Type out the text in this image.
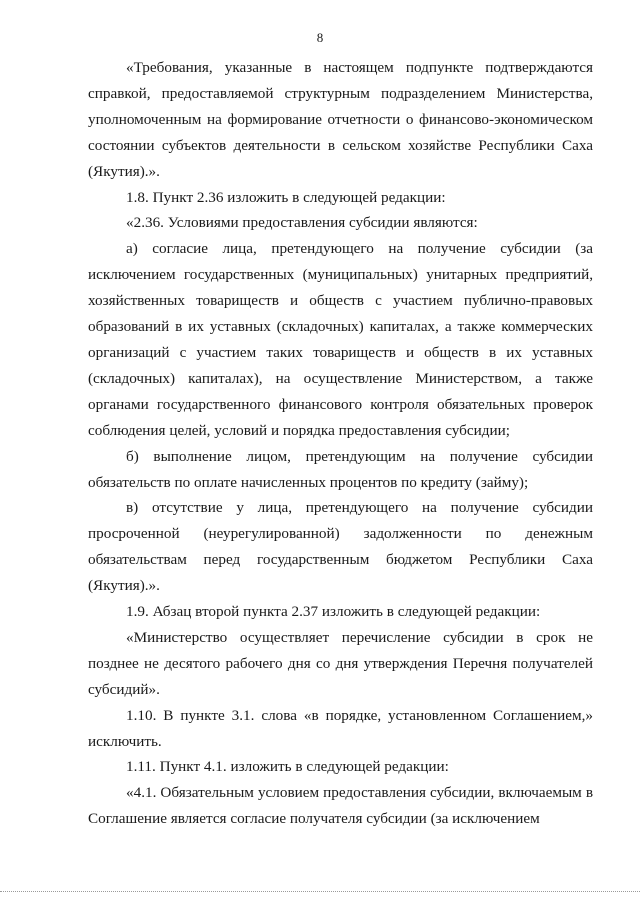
8

«Требования, указанные в настоящем подпункте подтверждаются справкой, предоставляемой структурным подразделением Министерства, уполномоченным на формирование отчетности о финансово-экономическом состоянии субъектов деятельности в сельском хозяйстве Республики Саха (Якутия).».

1.8. Пункт 2.36 изложить в следующей редакции:

«2.36. Условиями предоставления субсидии являются:

а) согласие лица, претендующего на получение субсидии (за исключением государственных (муниципальных) унитарных предприятий, хозяйственных товариществ и обществ с участием публично-правовых образований в их уставных (складочных) капиталах, а также коммерческих организаций с участием таких товариществ и обществ в их уставных (складочных) капиталах), на осуществление Министерством, а также органами государственного финансового контроля обязательных проверок соблюдения целей, условий и порядка предоставления субсидии;

б) выполнение лицом, претендующим на получение субсидии обязательств по оплате начисленных процентов по кредиту (займу);

в) отсутствие у лица, претендующего на получение субсидии просроченной (неурегулированной) задолженности по денежным обязательствам перед государственным бюджетом Республики Саха (Якутия).».

1.9. Абзац второй пункта 2.37 изложить в следующей редакции:

«Министерство осуществляет перечисление субсидии в срок не позднее не десятого рабочего дня со дня утверждения Перечня получателей субсидий».

1.10. В пункте 3.1. слова «в порядке, установленном Соглашением,» исключить.

1.11. Пункт 4.1. изложить в следующей редакции:

«4.1. Обязательным условием предоставления субсидии, включаемым в Соглашение является согласие получателя субсидии (за исключением
